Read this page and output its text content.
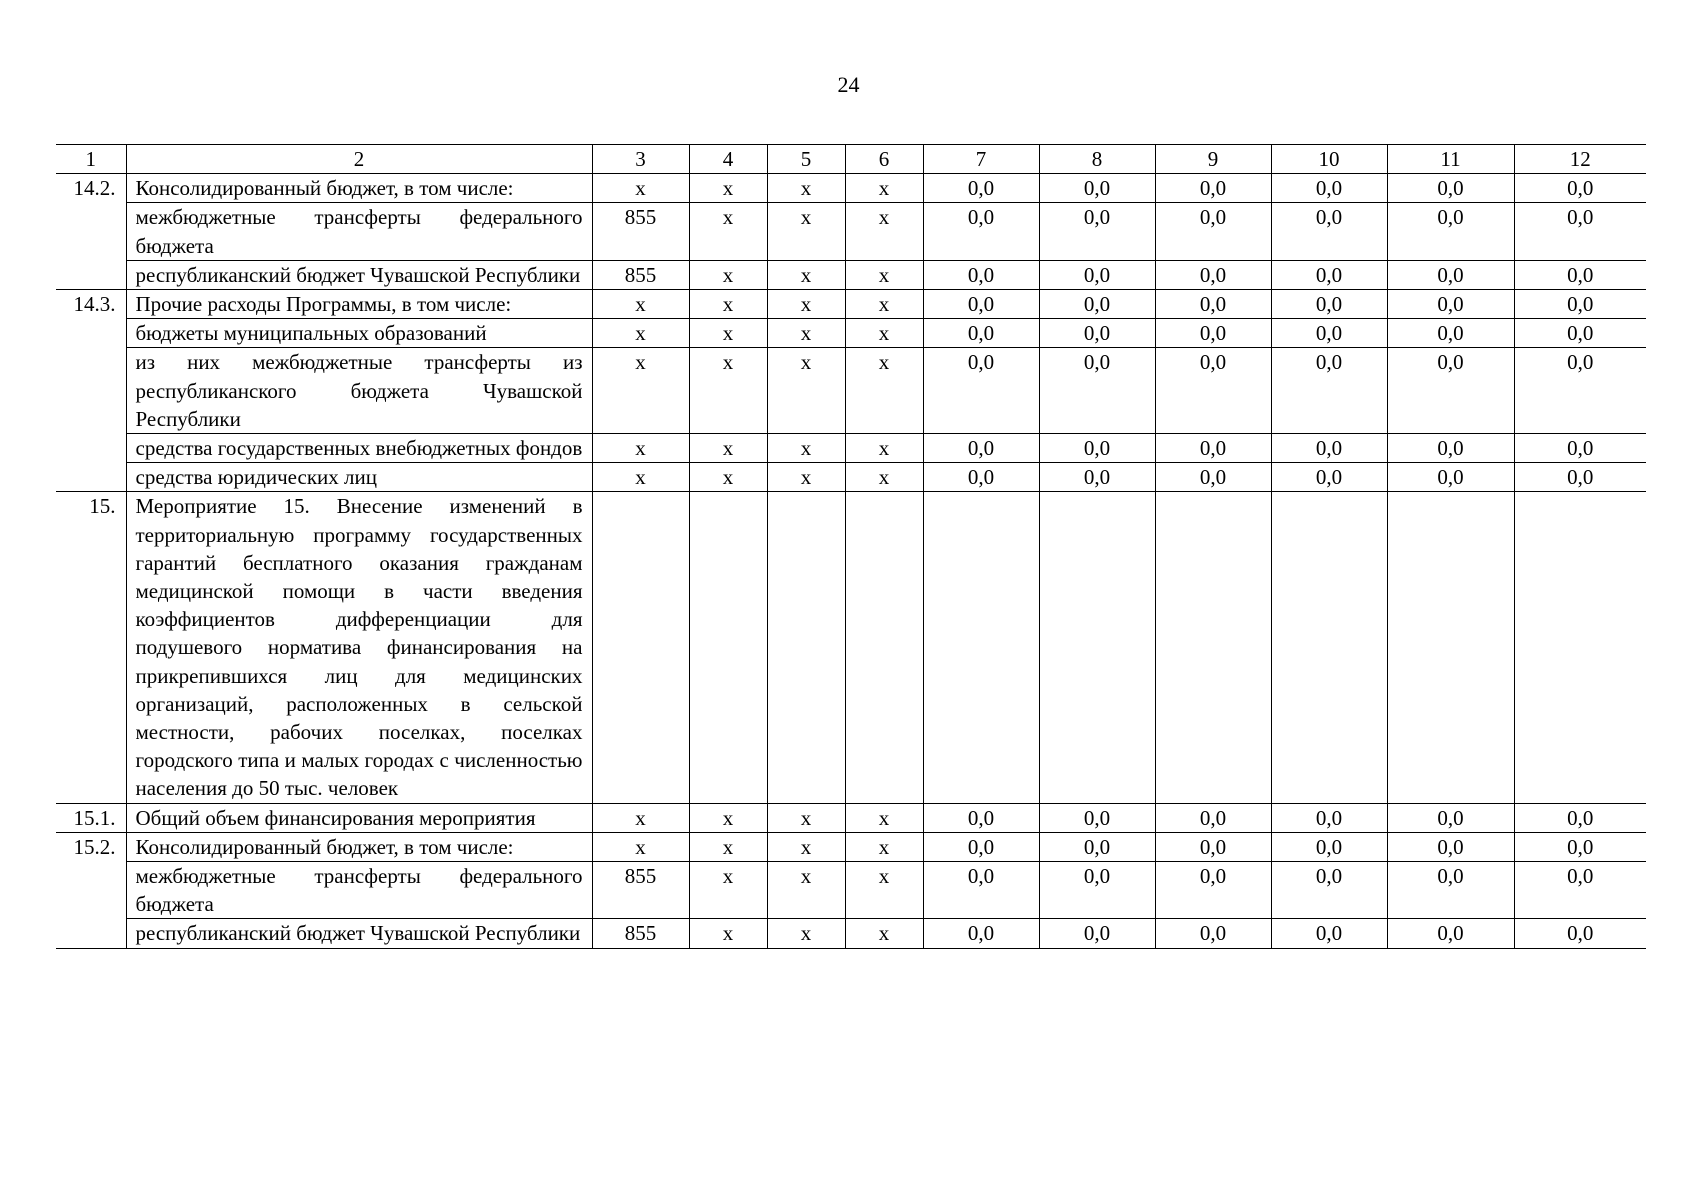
24
1	2	3	4	5	6	7	8	9	10	11	12
14.2.	Консолидированный бюджет, в том числе:	х	х	х	х	0,0	0,0	0,0	0,0	0,0	0,0
	межбюджетные трансферты федерального бюджета	855	х	х	х	0,0	0,0	0,0	0,0	0,0	0,0
	республиканский бюджет Чувашской Республики	855	х	х	х	0,0	0,0	0,0	0,0	0,0	0,0
14.3.	Прочие расходы Программы, в том числе:	х	х	х	х	0,0	0,0	0,0	0,0	0,0	0,0
	бюджеты муниципальных образований	х	х	х	х	0,0	0,0	0,0	0,0	0,0	0,0
	из них межбюджетные трансферты из республиканского бюджета Чувашской Республики	х	х	х	х	0,0	0,0	0,0	0,0	0,0	0,0
	средства государственных внебюджетных фондов	х	х	х	х	0,0	0,0	0,0	0,0	0,0	0,0
	средства юридических лиц	х	х	х	х	0,0	0,0	0,0	0,0	0,0	0,0
15.	Мероприятие 15. Внесение изменений в территориальную программу государственных гарантий бесплатного оказания гражданам медицинской помощи в части введения коэффициентов дифференциации для подушевого норматива финансирования на прикрепившихся лиц для медицинских организаций, расположенных в сельской местности, рабочих поселках, поселках городского типа и малых городах с численностью населения до 50 тыс. человек										
15.1.	Общий объем финансирования мероприятия	х	х	х	х	0,0	0,0	0,0	0,0	0,0	0,0
15.2.	Консолидированный бюджет, в том числе:	х	х	х	х	0,0	0,0	0,0	0,0	0,0	0,0
	межбюджетные трансферты федерального бюджета	855	х	х	х	0,0	0,0	0,0	0,0	0,0	0,0
	республиканский бюджет Чувашской Республики	855	х	х	х	0,0	0,0	0,0	0,0	0,0	0,0
